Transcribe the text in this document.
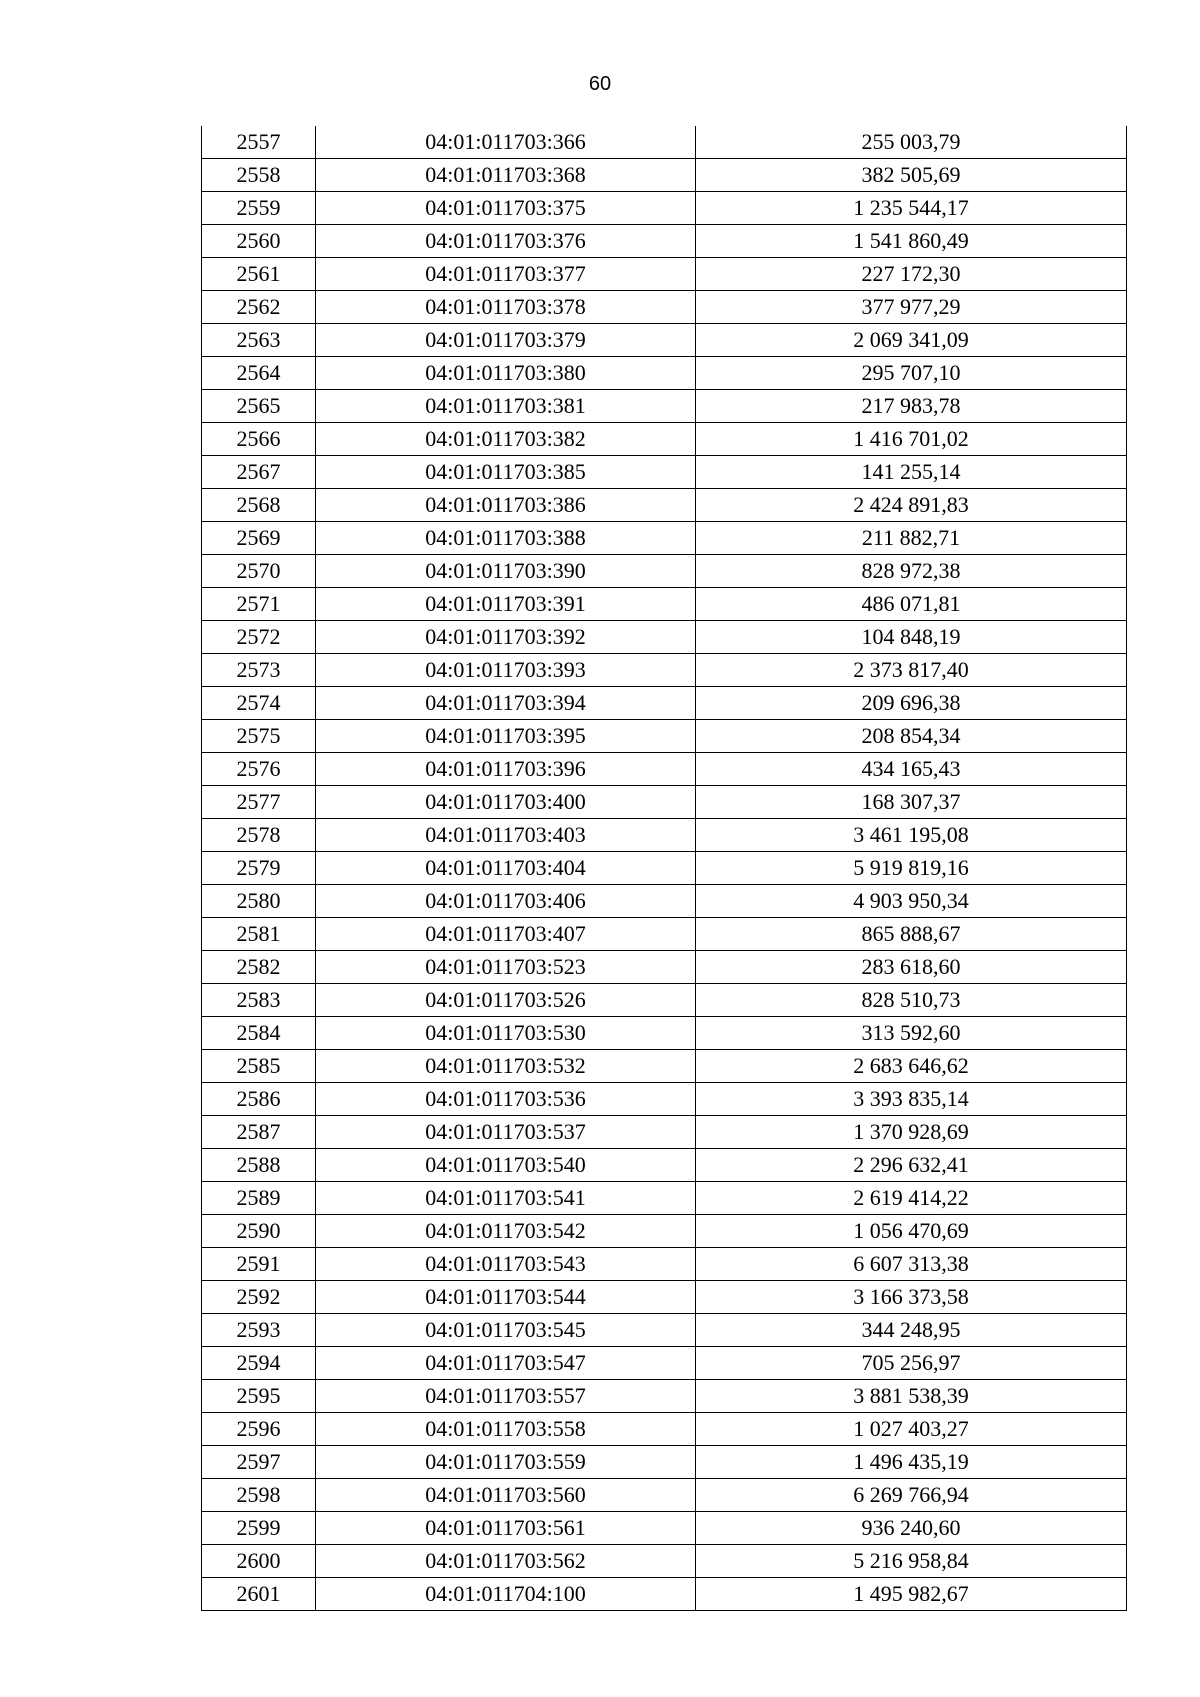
60
2557	04:01:011703:366	255 003,79
2558	04:01:011703:368	382 505,69
2559	04:01:011703:375	1 235 544,17
2560	04:01:011703:376	1 541 860,49
2561	04:01:011703:377	227 172,30
2562	04:01:011703:378	377 977,29
2563	04:01:011703:379	2 069 341,09
2564	04:01:011703:380	295 707,10
2565	04:01:011703:381	217 983,78
2566	04:01:011703:382	1 416 701,02
2567	04:01:011703:385	141 255,14
2568	04:01:011703:386	2 424 891,83
2569	04:01:011703:388	211 882,71
2570	04:01:011703:390	828 972,38
2571	04:01:011703:391	486 071,81
2572	04:01:011703:392	104 848,19
2573	04:01:011703:393	2 373 817,40
2574	04:01:011703:394	209 696,38
2575	04:01:011703:395	208 854,34
2576	04:01:011703:396	434 165,43
2577	04:01:011703:400	168 307,37
2578	04:01:011703:403	3 461 195,08
2579	04:01:011703:404	5 919 819,16
2580	04:01:011703:406	4 903 950,34
2581	04:01:011703:407	865 888,67
2582	04:01:011703:523	283 618,60
2583	04:01:011703:526	828 510,73
2584	04:01:011703:530	313 592,60
2585	04:01:011703:532	2 683 646,62
2586	04:01:011703:536	3 393 835,14
2587	04:01:011703:537	1 370 928,69
2588	04:01:011703:540	2 296 632,41
2589	04:01:011703:541	2 619 414,22
2590	04:01:011703:542	1 056 470,69
2591	04:01:011703:543	6 607 313,38
2592	04:01:011703:544	3 166 373,58
2593	04:01:011703:545	344 248,95
2594	04:01:011703:547	705 256,97
2595	04:01:011703:557	3 881 538,39
2596	04:01:011703:558	1 027 403,27
2597	04:01:011703:559	1 496 435,19
2598	04:01:011703:560	6 269 766,94
2599	04:01:011703:561	936 240,60
2600	04:01:011703:562	5 216 958,84
2601	04:01:011704:100	1 495 982,67
